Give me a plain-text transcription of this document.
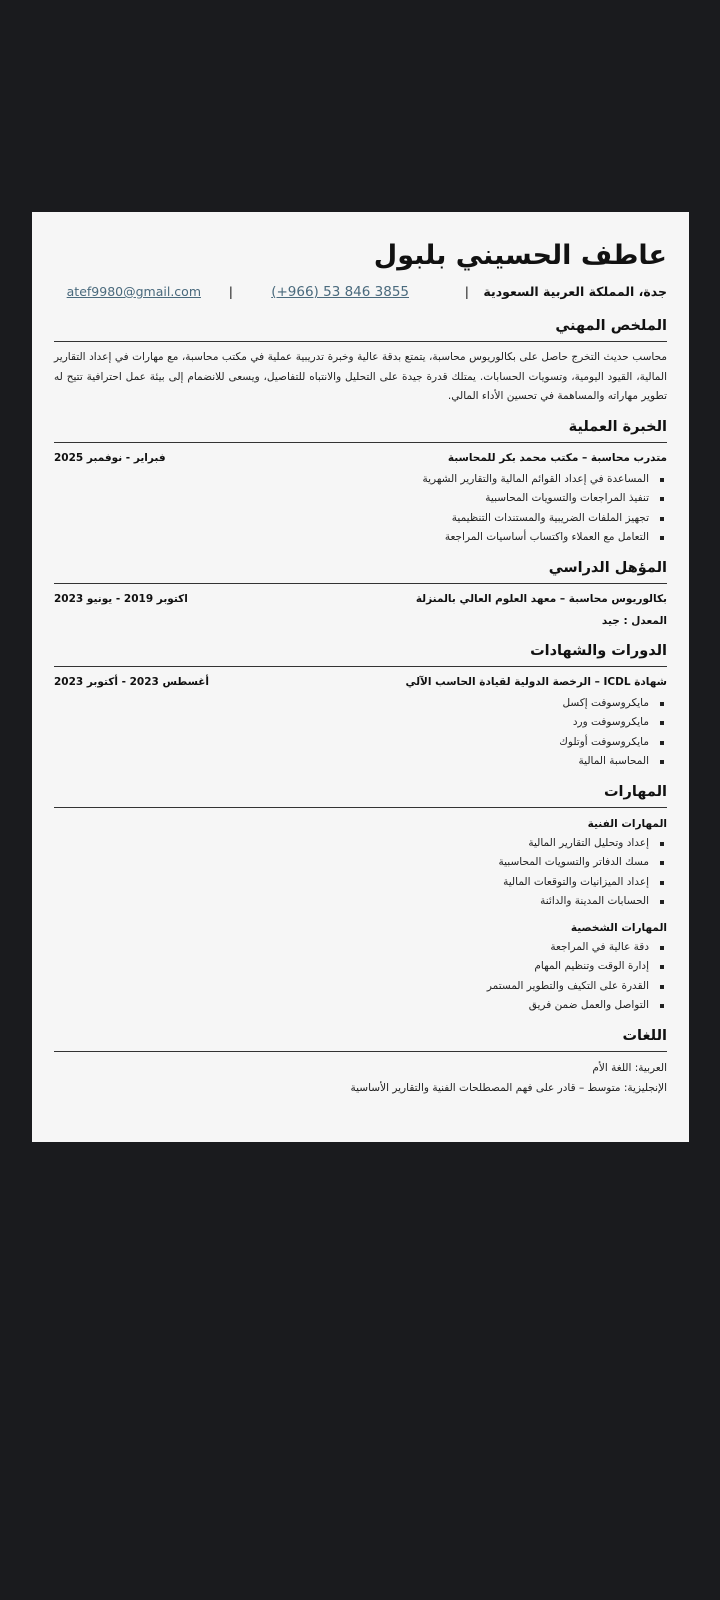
عاطف الحسيني بلبول
جدة، المملكة العربية السعودية
|
(+966) 53 846 3855
|
atef9980@gmail.com
الملخص المهني

محاسب حديث التخرج حاصل على بكالوريوس محاسبة، يتمتع بدقة عالية وخبرة تدريبية عملية في مكتب محاسبة، مع مهارات في إعداد التقارير المالية، القيود اليومية، وتسويات الحسابات. يمتلك قدرة جيدة على التحليل والانتباه للتفاصيل، ويسعى للانضمام إلى بيئة عمل احترافية تتيح له تطوير مهاراته والمساهمة في تحسين الأداء المالي.

الخبرة العملية
متدرب محاسبة – مكتب محمد بكر للمحاسبة
فبراير - نوفمبر 2025
المساعدة في إعداد القوائم المالية والتقارير الشهرية
تنفيذ المراجعات والتسويات المحاسبية
تجهيز الملفات الضريبية والمستندات التنظيمية
التعامل مع العملاء واكتساب أساسيات المراجعة
المؤهل الدراسي
بكالوريوس محاسبة – معهد العلوم العالي بالمنزلة
اكتوبر 2019 - يونيو 2023
المعدل : جيد
الدورات والشهادات
شهادة ICDL – الرخصة الدولية لقيادة الحاسب الآلي
أغسطس 2023 - أكتوبر 2023
مايكروسوفت إكسل
مايكروسوفت ورد
مايكروسوفت أوتلوك
المحاسبة المالية
المهارات
المهارات الفنية
إعداد وتحليل التقارير المالية
مسك الدفاتر والتسويات المحاسبية
إعداد الميزانيات والتوقعات المالية
الحسابات المدينة والدائنة
المهارات الشخصية
دقة عالية في المراجعة
إدارة الوقت وتنظيم المهام
القدرة على التكيف والتطوير المستمر
التواصل والعمل ضمن فريق
اللغات
العربية: اللغة الأم
الإنجليزية: متوسط – قادر على فهم المصطلحات الفنية والتقارير الأساسية
